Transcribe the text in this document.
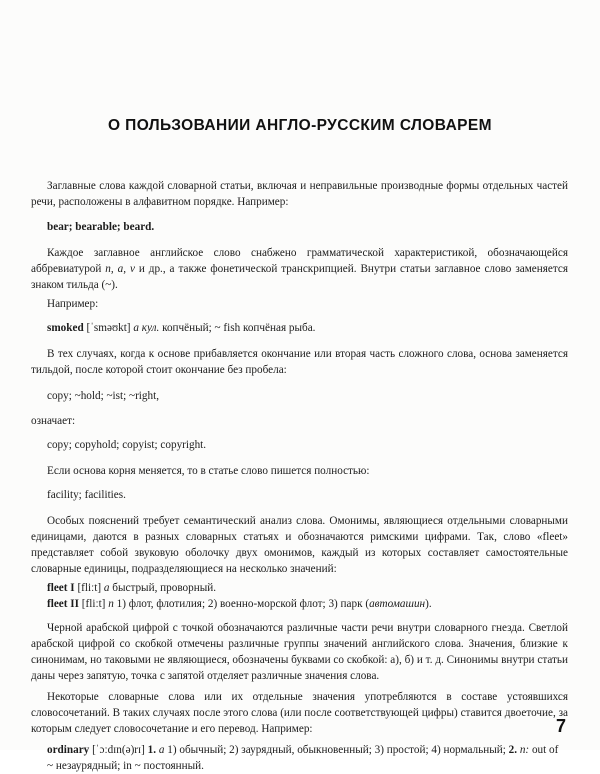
О ПОЛЬЗОВАНИИ АНГЛО-РУССКИМ СЛОВАРЕМ

Заглавные слова каждой словарной статьи, включая и неправильные производные формы отдельных частей речи, расположены в алфавитном порядке. Например:

bear; bearable; beard.

Каждое заглавное английское слово снабжено грамматической характеристикой, обозначающейся аббревиатурой n, a, v и др., а также фонетической транскрипцией. Внутри статьи заглавное слово заменяется знаком тильда (~).

Например:

smoked [ˈsməʊkt] а кул. копчёный; ~ fish копчёная рыба.

В тех случаях, когда к основе прибавляется окончание или вторая часть сложного слова, основа заменяется тильдой, после которой стоит окончание без пробела:

copy; ~hold; ~ist; ~right,

означает:

copy; copyhold; copyist; copyright.

Если основа корня меняется, то в статье слово пишется полностью:

facility; facilities.

Особых пояснений требует семантический анализ слова. Омонимы, являющиеся отдельными словарными единицами, даются в разных словарных статьях и обозначаются римскими цифрами. Так, слово «fleet» представляет собой звуковую оболочку двух омонимов, каждый из которых составляет самостоятельные словарные единицы, подразделяющиеся на несколько значений:

fleet I [fliːt] а быстрый, проворный.

fleet II [fliːt] n 1) флот, флотилия; 2) военно-морской флот; 3) парк (автомашин).

Черной арабской цифрой с точкой обозначаются различные части речи внутри словарного гнезда. Светлой арабской цифрой со скобкой отмечены различные группы значений английского слова. Значения, близкие к синонимам, но таковыми не являющиеся, обозначены буквами со скобкой: а), б) и т. д. Синонимы внутри статьи даны через запятую, точка с запятой отделяет различные значения слова.

Некоторые словарные слова или их отдельные значения употребляются в составе устоявшихся словосочетаний. В таких случаях после этого слова (или после соответствующей цифры) ставится двоеточие, за которым следует словосочетание и его перевод. Например:

ordinary [ˈɔːdɪn(ə)rɪ] 1. а 1) обычный; 2) заурядный, обыкновенный; 3) простой; 4) нормальный; 2. n: out of ~ незаурядный; in ~ постоянный.

7
